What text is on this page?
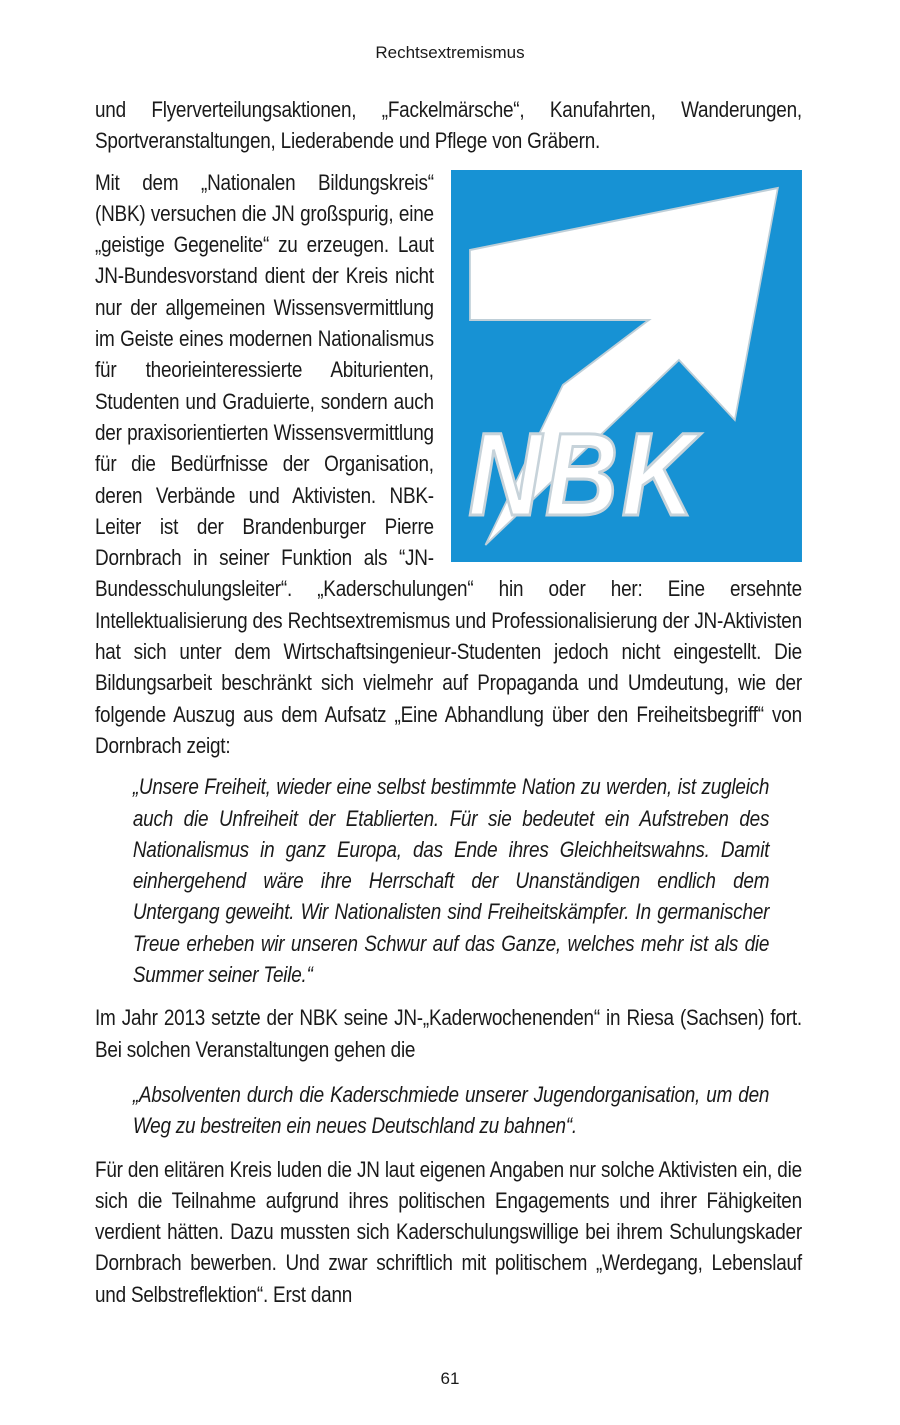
Rechtsextremismus

und Flyerverteilungsaktionen, „Fackelmärsche“, Kanufahrten, Wanderungen, Sportveranstaltungen, Liederabende und Pflege von Gräbern.

NBK

Mit dem „Nationalen Bildungskreis“ (NBK) versuchen die JN großspurig, eine „geistige Gegenelite“ zu erzeugen. Laut JN-Bundesvorstand dient der Kreis nicht nur der allgemeinen Wissensvermittlung im Geiste eines modernen Nationalismus für theorieinteressierte Abiturienten, Studenten und Graduierte, sondern auch der praxisorientierten Wissensvermittlung für die Bedürfnisse der Organisation, deren Verbände und Aktivisten. NBK-Leiter ist der Brandenburger Pierre Dornbrach in seiner Funktion als “JN-Bundesschulungsleiter“. „Kaderschulungen“ hin oder her: Eine ersehnte Intellektualisierung des Rechtsextremismus und Professionalisierung der JN-Aktivisten hat sich unter dem Wirtschaftsingenieur-Studenten jedoch nicht eingestellt. Die Bildungsarbeit beschränkt sich vielmehr auf Propaganda und Umdeutung, wie der folgende Auszug aus dem Aufsatz „Eine Abhandlung über den Freiheitsbegriff“ von Dornbrach zeigt:

„Unsere Freiheit, wieder eine selbst bestimmte Nation zu werden, ist zugleich auch die Unfreiheit der Etablierten. Für sie bedeutet ein Aufstreben des Nationalismus in ganz Europa, das Ende ihres Gleichheitswahns. Damit einhergehend wäre ihre Herrschaft der Unanständigen endlich dem Untergang geweiht. Wir Nationalisten sind Freiheitskämpfer. In germanischer Treue erheben wir unseren Schwur auf das Ganze, welches mehr ist als die Summer seiner Teile.“

Im Jahr 2013 setzte der NBK seine JN-„Kaderwochenenden“ in Riesa (Sachsen) fort. Bei solchen Veranstaltungen gehen die

„Absolventen durch die Kaderschmiede unserer Jugendorganisation, um den Weg zu bestreiten ein neues Deutschland zu bahnen“.

Für den elitären Kreis luden die JN laut eigenen Angaben nur solche Aktivisten ein, die sich die Teilnahme aufgrund ihres politischen Engagements und ihrer Fähigkeiten verdient hätten. Dazu mussten sich Kaderschulungswillige bei ihrem Schulungskader Dornbrach bewerben. Und zwar schriftlich mit politischem „Werdegang, Lebenslauf und Selbstreflektion“. Erst dann

61
